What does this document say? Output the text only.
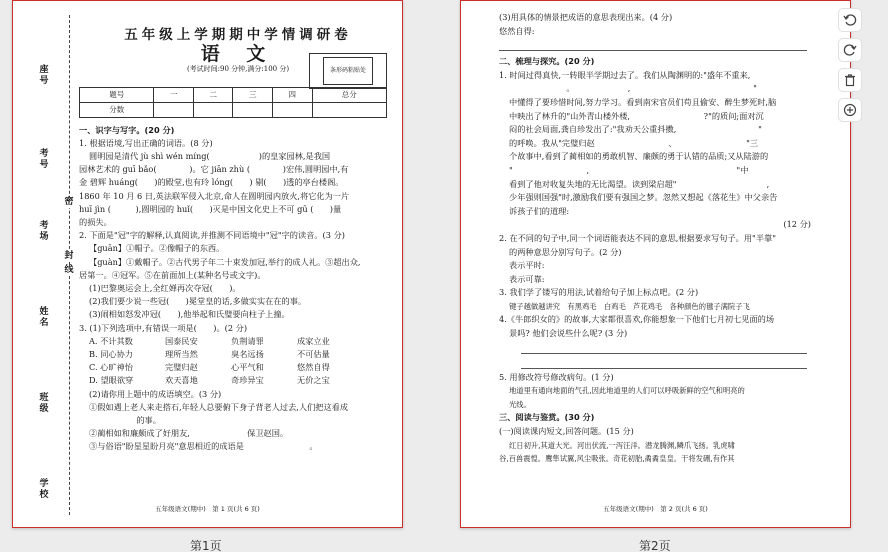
座号
考号
考场
姓名
班级
学校
密
封
线
五年级上学期期中学情调研卷
语 文
(考试时间:90 分钟,满分:100 分)	条形码粘贴处
题号	一	二	三	四	总分
分数					
一、识字与写字。(20 分)
1. 根据语境,写出正确的词语。(8 分)
圆明园是清代 jù shì wén míng(　　　　　　)的皇家园林,是我国
园林艺术的 guī bǎo(　　　　)。它 jiān zhù (　　　　)宏伟,圆明园中,有
金 碧辉 huáng(　　)的殿堂,也有玲 lóng(　　) 剔(　　)透的亭台楼阁。
1860 年 10 月 6 日,英法联军侵入北京,命人在圆明园内放火,将它化为一片
huī jìn (　　　),圆明园的 huǐ(　　)灭是中国文化史上不可 gū (　　)量
的损失。
2. 下面是"冠"字的解释,认真阅读,并推测不同语境中"冠"字的读音。(3 分)
【guān】①帽子。②像帽子的东西。
【guàn】①戴帽子。②古代男子年二十束发加冠,举行的成人礼。③超出众,
居第一。④冠军。⑤在前面加上(某种名号或文字)。
(1)巴黎奥运会上,全红婵再次夺冠(　　)。
(2)我们要少说一些冠(　　)冕堂皇的话,多做实实在在的事。
(3)闹相如怒发冲冠(　　),他举起和氏璧要向柱子上撞。
3. (1)下列选项中,有错误一项是(　　)。(2 分)
A. 不计其数	国泰民安	负荆请罪	成家立业
B. 同心协力	理所当然	臭名远扬	不可估量
C. 心旷神怡	完璧归赵	心平气和	悠然自得
D. 望眼欲穿	欢天喜地	奇珍异宝	无价之宝
(2)请你用上题中的成语填空。(3 分)
①假如遇上老人来走搭石,年轻人总要俯下身子背老人过去,人们把这看成
　　　　　　　的事。
②蔺相如和廉颇成了好朋友,　　　　　　　保卫赵国。
③与俗语"盼星星盼月亮"意思相近的成语是　　　　　　　　。
五年级语文(期中)　第 1 页(共 6 页)
第1页
(3)用具体的情景把成语的意思表现出来。(4 分)
悠然自得:
二、梳理与探究。(20 分)
1. 时间过得真快,一转眼半学期过去了。我们从陶渊明的:"盛年不重来,
　　　　　　　。　　　　　　　,　　　　　　　　　　　　　　　"
中懂得了要珍惜时间,努力学习。看到南宋官员们苟且偷安、醉生梦死时,脑
中映出了林升的"山外青山楼外楼,　　　　　　　　　?"的质问;面对沉
闷的社会局面,龚自珍发出了:"我劝天公重抖擞,　　　　　　　　　　"
的呼唤。我从"完璧归赵　　　　　　　　　、　　　　　　　　　"三
个故事中,看到了蔺相如的勇敢机智、廉颇的勇于认错的品质;又从陆游的
"　　　　　　　　　,　　　　　　　　　　　　　　　　　　"中
看到了他对收复失地的无比渴望。读到梁启超"　　　　　　　　　　　,
少年强则国强"时,激励我们要有强国之梦。忽然又想起《落花生》中父亲告
诉孩子们的道理:　　　　　　　　　　　　　　　　　　　　　　　　
(12 分)
2. 在不同的句子中,同一个词语能表达不同的意思,根据要求写句子。用"半靠"
的两种意思分别写句子。(2 分)
表示平时:
表示可靠:
3. 我们学了镂写的用法,试着给句子加上标点吧。(2 分)
键子越做越讲究　有黑鸡毛　白鸡毛　芦花鸡毛　各种颜色的毽子满院子飞
4.《牛郎织女的》的故事,大家都很喜欢,你能想象一下他们七月初七见面的场
景吗? 他们会说些什么呢? (3 分)
5. 用修改符号修改病句。(1 分)
地道里有通向地面的气孔,因此地道里的人们可以呼吸新鲜的空气和明亮的
光线。
三、阅读与鉴赏。(30 分)
(一)阅读课内短文,回答问题。(15 分)
红日初升,其道大光。河出伏流,一泻汪洋。潜龙腾渊,鳞爪飞扬。乳虎啸
谷,百兽震惶。鹰隼试翼,风尘吸张。奇花初胎,矞矞皇皇。干将发硎,有作其
五年级语文(期中)　第 2 页(共 6 页)
第2页
